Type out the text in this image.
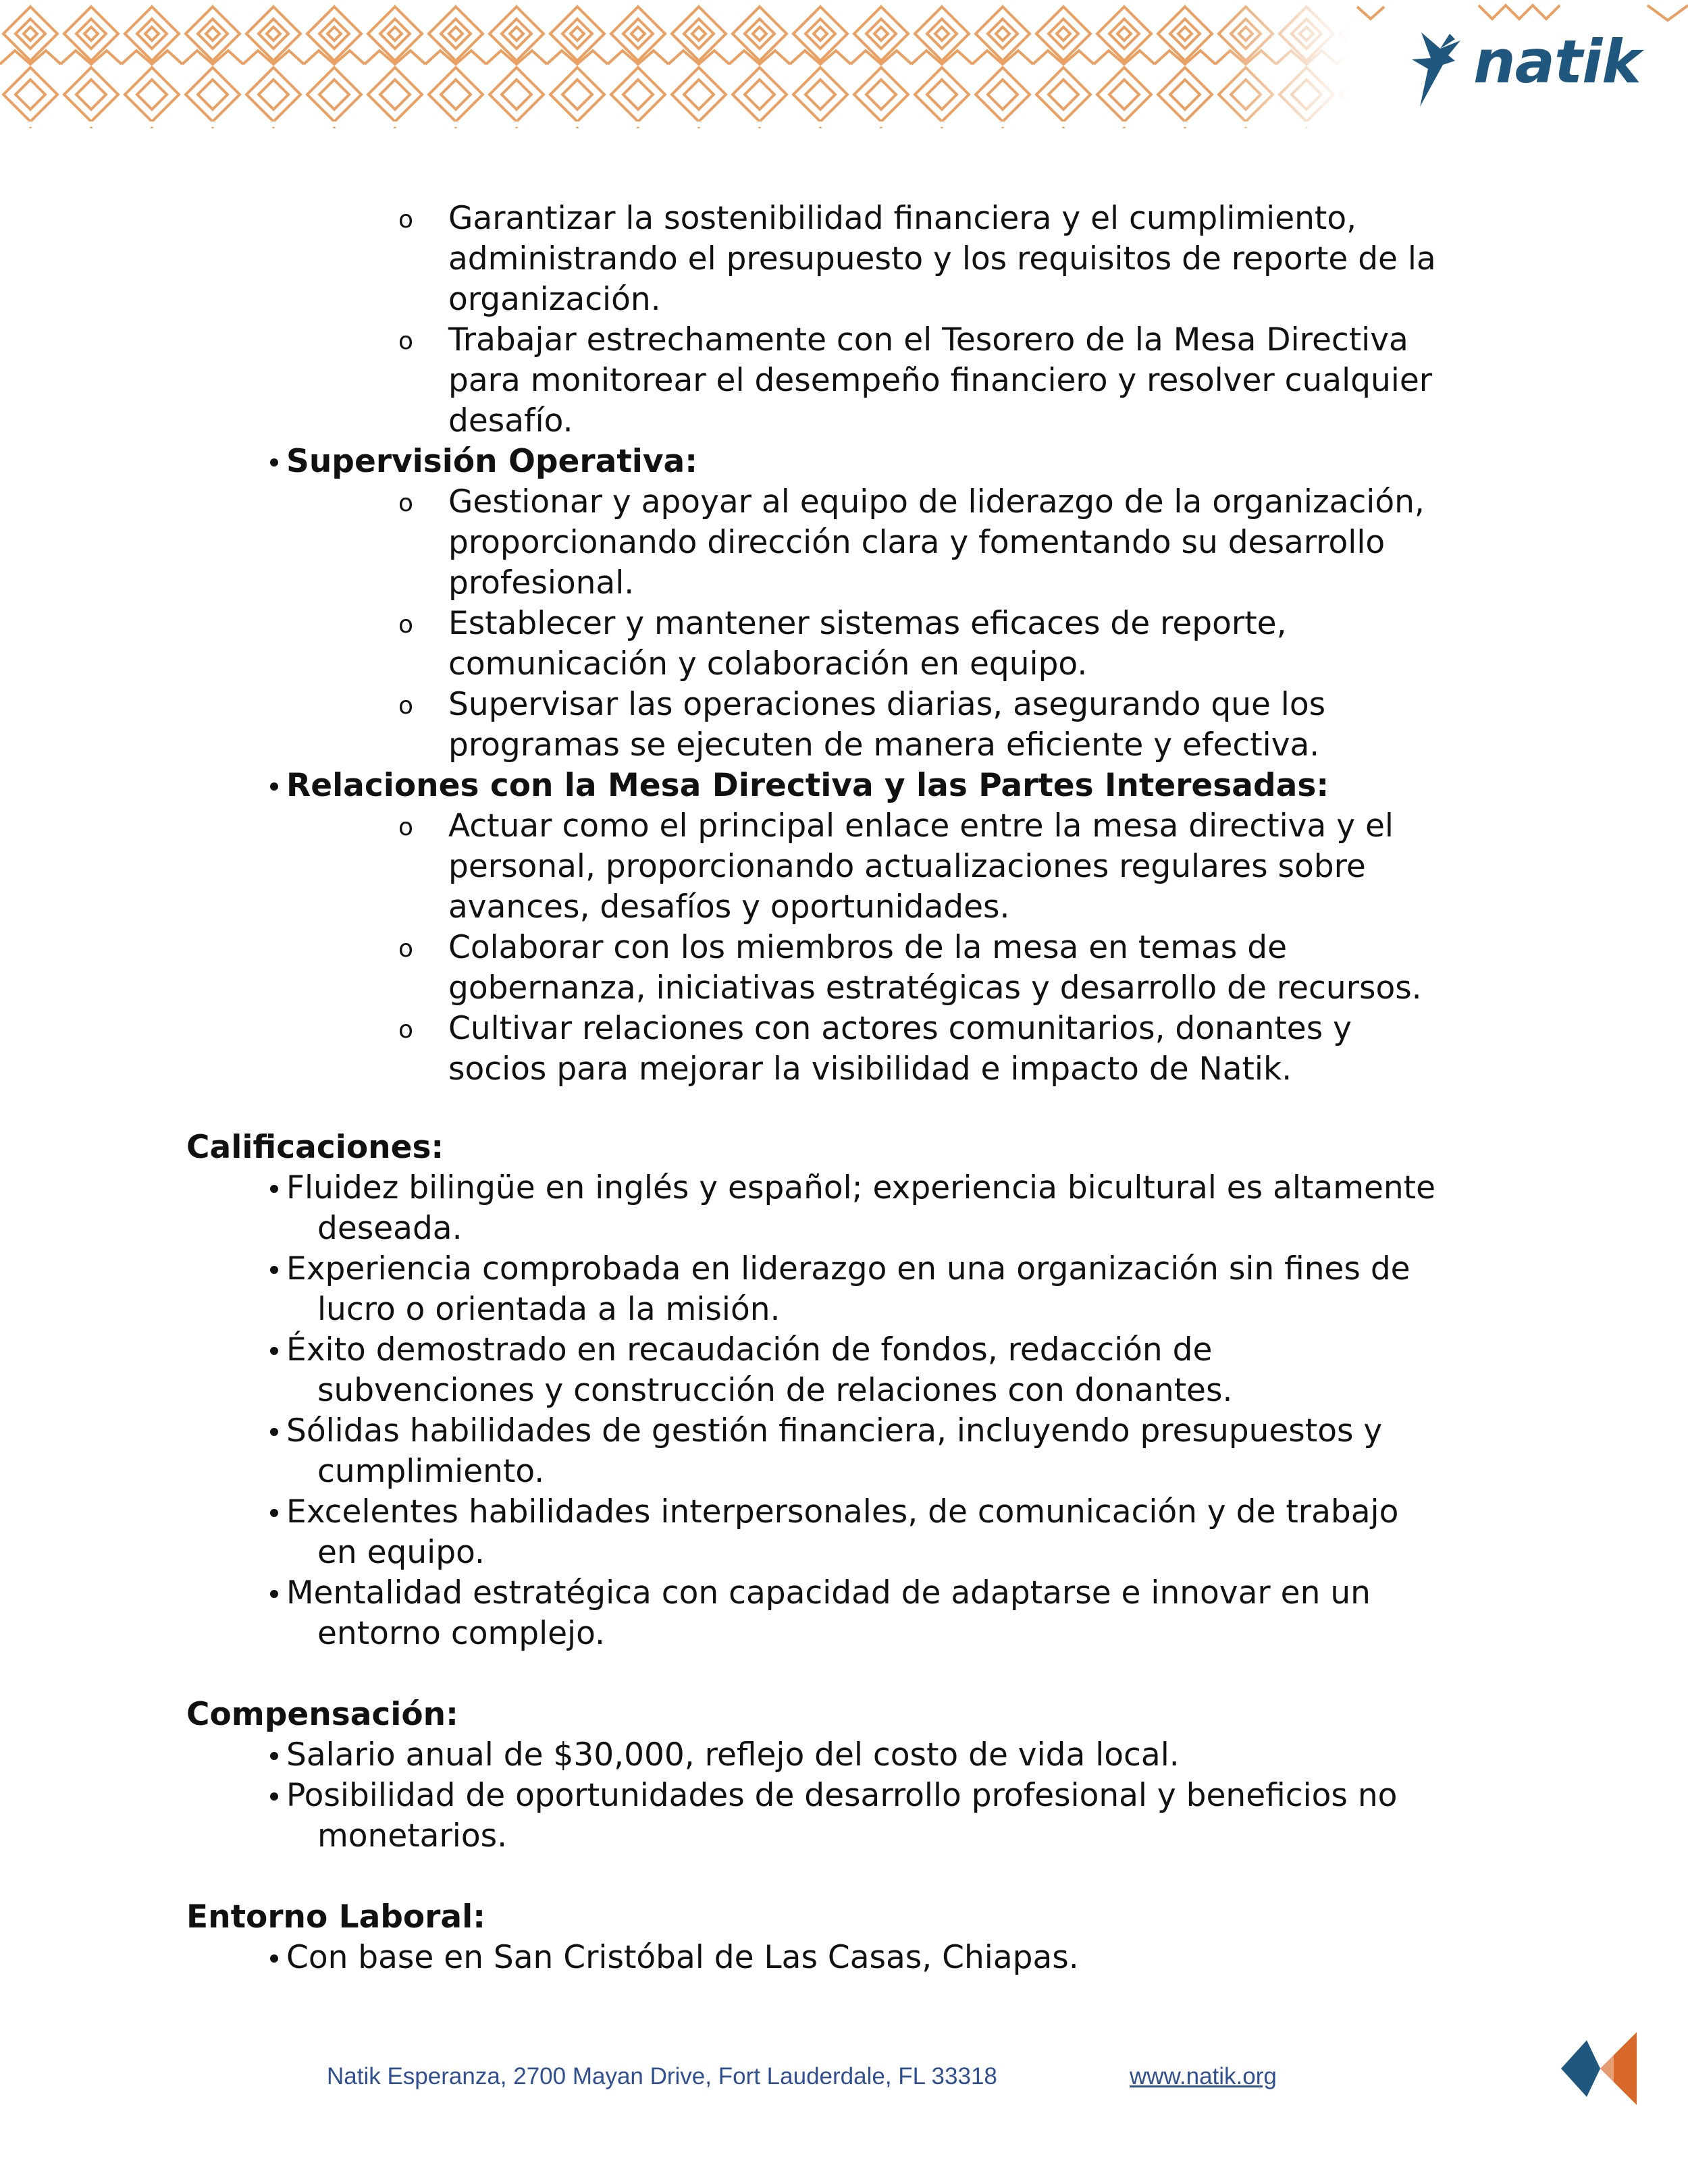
natik
o Garantizar la sostenibilidad financiera y el cumplimiento,
administrando el presupuesto y los requisitos de reporte de la
organización.
o Trabajar estrechamente con el Tesorero de la Mesa Directiva
para monitorear el desempeño financiero y resolver cualquier
desafío.
Supervisión Operativa:
o Gestionar y apoyar al equipo de liderazgo de la organización,
proporcionando dirección clara y fomentando su desarrollo
profesional.
o Establecer y mantener sistemas eficaces de reporte,
comunicación y colaboración en equipo.
o Supervisar las operaciones diarias, asegurando que los
programas se ejecuten de manera eficiente y efectiva.
Relaciones con la Mesa Directiva y las Partes Interesadas:
o Actuar como el principal enlace entre la mesa directiva y el
personal, proporcionando actualizaciones regulares sobre
avances, desafíos y oportunidades.
o Colaborar con los miembros de la mesa en temas de
gobernanza, iniciativas estratégicas y desarrollo de recursos.
o Cultivar relaciones con actores comunitarios, donantes y
socios para mejorar la visibilidad e impacto de Natik.
Calificaciones:
Fluidez bilingüe en inglés y español; experiencia bicultural es altamente
deseada.
Experiencia comprobada en liderazgo en una organización sin fines de
lucro o orientada a la misión.
Éxito demostrado en recaudación de fondos, redacción de
subvenciones y construcción de relaciones con donantes.
Sólidas habilidades de gestión financiera, incluyendo presupuestos y
cumplimiento.
Excelentes habilidades interpersonales, de comunicación y de trabajo
en equipo.
Mentalidad estratégica con capacidad de adaptarse e innovar en un
entorno complejo.
Compensación:
Salario anual de $30,000, reflejo del costo de vida local.
Posibilidad de oportunidades de desarrollo profesional y beneficios no
monetarios.
Entorno Laboral:
Con base en San Cristóbal de Las Casas, Chiapas.
Natik Esperanza, 2700 Mayan Drive, Fort Lauderdale, FL 33318	www.natik.org
